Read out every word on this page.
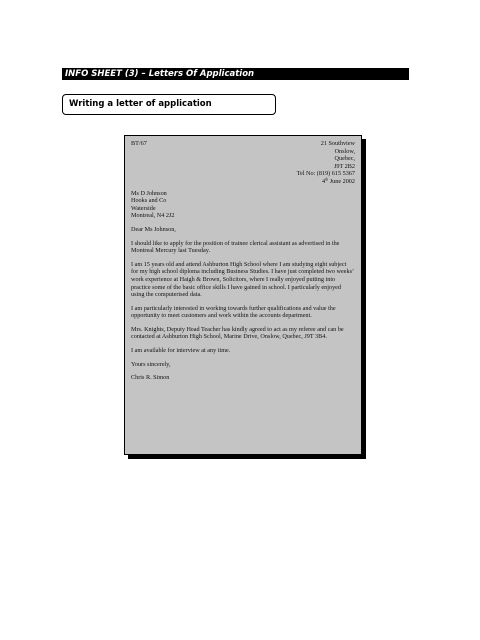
INFO SHEET (3) – Letters Of Application
Writing a letter of application
BT/67	21 Southview
Onslow,
Quebec,
J9T 2B2
Tel No: (819) 615 5367
4th June 2002
Ms D Johnson
Hooks and Co
Waterside
Montreal, N4 2J2
Dear Ms Johnson,
I should like to apply for the position of trainee clerical assistant as advertised in the Montreal Mercury last Tuesday.
I am 15 years old and attend Ashburton High School where I am studying eight subject for my high school diploma including Business Studies. I have just completed two weeks’ work experience at Haigh & Brown, Solicitors, where I really enjoyed putting into practice some of the basic office skills I have gained in school. I particularly enjoyed using the computerised data.
I am particularly interested in working towards further qualifications and value the opportunity to meet customers and work within the accounts department.
Mrs. Knights, Deputy Head Teacher has kindly agreed to act as my referee and can be contacted at Ashburton High School, Marine Drive, Onslow, Quebec, J9T 3B4.
I am available for interview at any time.
Yours sincerely,
Chris R. Simon
